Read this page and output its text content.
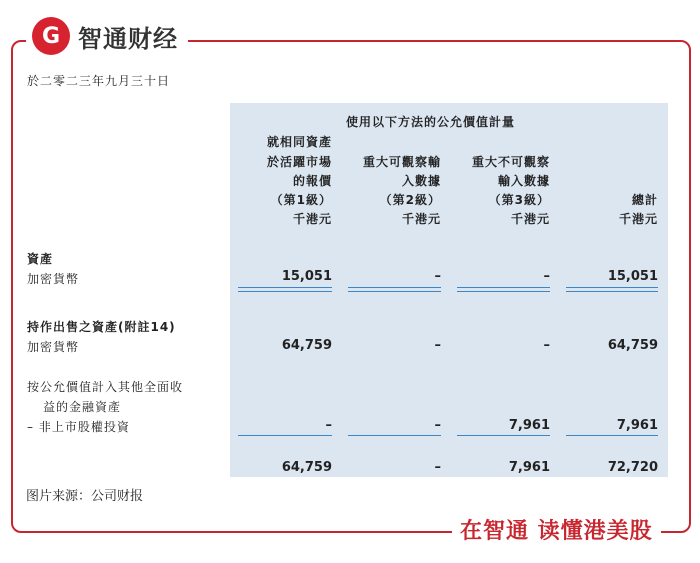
G 智通财经
於二零二三年九月三十日
使用以下方法的公允價值計量
就相同資產
於活躍市場
的報價
（第1級）
千港元
重大可觀察輸
入數據
（第2級）
千港元
重大不可觀察
輸入數據
（第3級）
千港元
總計
千港元
資產
加密貨幣	15,051	–	–	15,051
持作出售之資產(附註14)
加密貨幣	64,759	–	–	64,759
按公允價值計入其他全面收
益的金融資產
– 非上市股權投資	–	–	7,961	7,961
64,759	–	7,961	72,720
图片来源：公司财报
在智通 读懂港美股
